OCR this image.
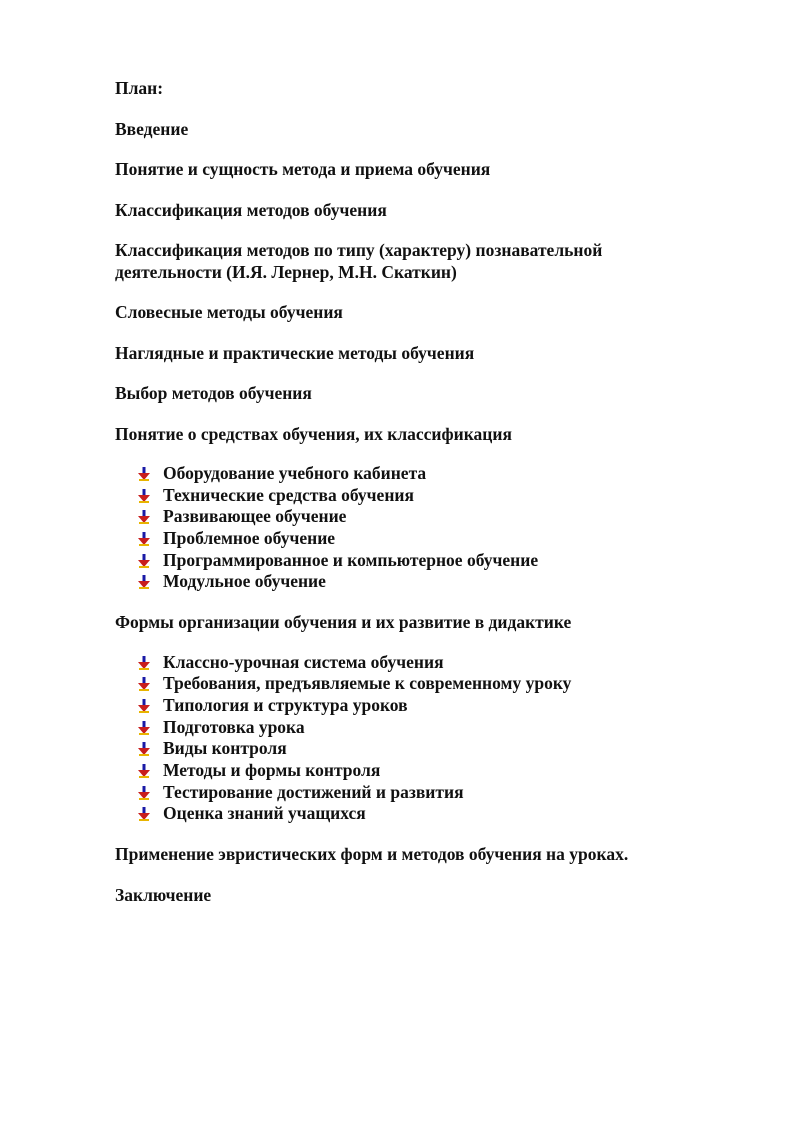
План:
Введение
Понятие и сущность метода и приема обучения
Классификация методов обучения
Классификация методов по типу (характеру) познавательной деятельности (И.Я. Лернер, М.Н. Скаткин)
Словесные методы обучения
Наглядные и практические методы обучения
Выбор методов обучения
Понятие о средствах обучения, их классификация
Оборудование учебного кабинета
Технические средства обучения
Развивающее обучение
Проблемное обучение
Программированное и компьютерное обучение
Модульное обучение
Формы организации обучения и их развитие в дидактике
Классно-урочная система обучения
Требования, предъявляемые к современному уроку
Типология и структура уроков
Подготовка урока
Виды контроля
Методы и формы контроля
Тестирование достижений и развития
Оценка знаний учащихся
Применение эвристических форм и методов обучения на уроках.
Заключение
